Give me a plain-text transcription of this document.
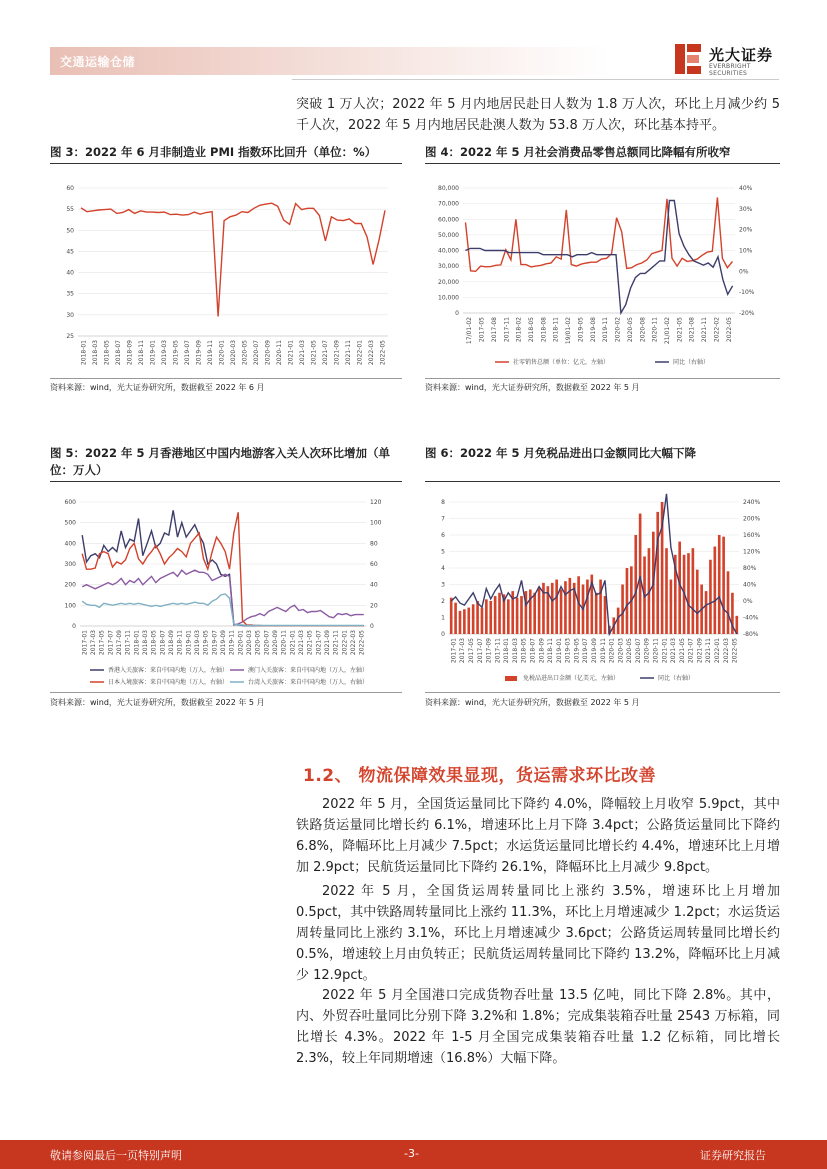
交通运输仓储	光大证券
EVERBRIGHT SECURITIES
突破 1 万人次；2022 年 5 月内地居民赴日人数为 1.8 万人次，环比上月减少约 5 千人次，2022 年 5 月内地居民赴澳人数为 53.8 万人次，环比基本持平。
图 3：2022 年 6 月非制造业 PMI 指数环比回升（单位：%）
25
30
35
40
45
50
55
60
2018-01 2018-03 2018-05 2018-07 2018-09 2018-11 2019-01 2019-03 2019-05 2019-07 2019-09 2019-11 2020-01 2020-03 2020-05 2020-07 2020-09 2020-11 2021-01 2021-03 2021-05 2021-07 2021-09 2021-11 2022-01 2022-03 2022-05
资料来源：wind，光大证券研究所，数据截至 2022 年 6 月
图 4：2022 年 5 月社会消费品零售总额同比降幅有所收窄
0
10,000
20,000
30,000
40,000
50,000
60,000
70,000
80,000
-20%
-10%
0%
10%
20%
30%
40%
17/01-02 2017-05 2017-08 2017-11 2018-02 2018-05 2018-08 2018-11 19/01-02 2019-05 2019-08 2019-11 2020-02 2020-05 2020-08 2020-11 21/01-02 2021-05 2021-08 2021-11 2022-02 2022-05
社零销售总额（单位：亿元，左轴）	同比（右轴）
资料来源：wind，光大证券研究所，数据截至 2022 年 5 月
图 5：2022 年 5 月香港地区中国内地游客入关人次环比增加（单位：万人）
0
100
200
300
400
500
600
0
20
40
60
80
100
120
2017-01 2017-03 2017-05 2017-07 2017-09 2017-11 2018-01 2018-03 2018-05 2018-07 2018-09 2018-11 2019-01 2019-03 2019-05 2019-07 2019-09 2019-11 2020-01 2020-03 2020-05 2020-07 2020-09 2020-11 2021-01 2021-03 2021-05 2021-07 2021-09 2021-11 2022-01 2022-03 2022-05
香港入关旅客：来自中国内地（万人，左轴）	澳门入关旅客：来自中国内地（万人，左轴）
日本入境旅客：来自中国内地（万人，右轴）	台湾入关旅客：来自中国内地（万人，右轴）
资料来源：wind，光大证券研究所，数据截至 2022 年 5 月
图 6：2022 年 5 月免税品进出口金额同比大幅下降
0
1
2
3
4
5
6
7
8
-80%
-40%
0%
40%
80%
120%
160%
200%
240%
2017-01 2017-03 2017-05 2017-07 2017-09 2017-11 2018-01 2018-03 2018-05 2018-07 2018-09 2018-11 2019-01 2019-03 2019-05 2019-07 2019-09 2019-11 2020-01 2020-03 2020-05 2020-07 2020-09 2020-11 2021-01 2021-03 2021-05 2021-07 2021-09 2021-11 2022-01 2022-03 2022-05
免税品进出口金额（亿美元，左轴）	同比（右轴）
资料来源：wind，光大证券研究所，数据截至 2022 年 5 月
1.2、 物流保障效果显现，货运需求环比改善
2022 年 5 月，全国货运量同比下降约 4.0%，降幅较上月收窄 5.9pct，其中铁路货运量同比增长约 6.1%，增速环比上月下降 3.4pct；公路货运量同比下降约 6.8%，降幅环比上月减少 7.5pct；水运货运量同比增长约 4.4%，增速环比上月增加 2.9pct；民航货运量同比下降约 26.1%，降幅环比上月减少 9.8pct。
2022 年 5 月，全国货运周转量同比上涨约 3.5%，增速环比上月增加 0.5pct，其中铁路周转量同比上涨约 11.3%，环比上月增速减少 1.2pct；水运货运周转量同比上涨约 3.1%，环比上月增速减少 3.6pct；公路货运周转量同比增长约 0.5%，增速较上月由负转正；民航货运周转量同比下降约 13.2%，降幅环比上月减少 12.9pct。
2022 年 5 月全国港口完成货物吞吐量 13.5 亿吨，同比下降 2.8%。其中，内、外贸吞吐量同比分别下降 3.2%和 1.8%；完成集装箱吞吐量 2543 万标箱，同比增长 4.3%。2022 年 1-5 月全国完成集装箱吞吐量 1.2 亿标箱，同比增长 2.3%，较上年同期增速（16.8%）大幅下降。
敬请参阅最后一页特别声明	-3-	证券研究报告
